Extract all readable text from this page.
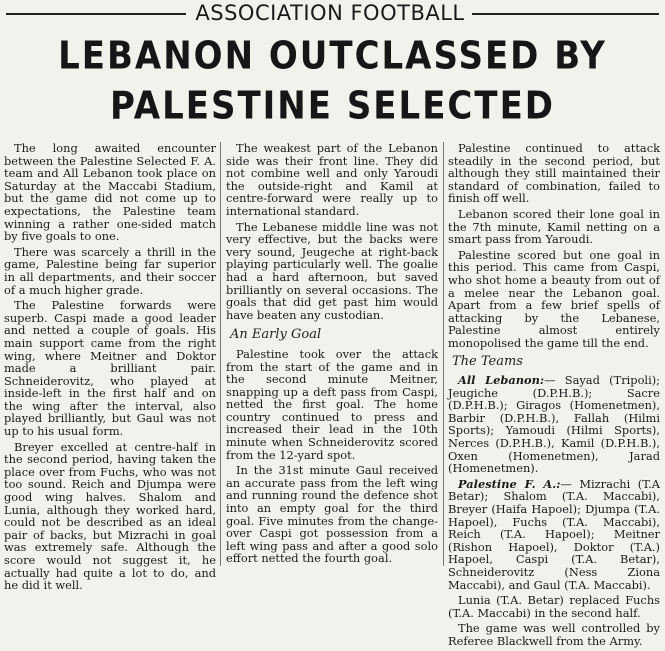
ASSOCIATION FOOTBALL
LEBANON OUTCLASSED BY
PALESTINE SELECTED

The long awaited encounter between the Palestine Selected F. A. team and All Lebanon took place on Saturday at the Maccabi Stadium, but the game did not come up to expectations, the Palestine team winning a rather one-sided match by five goals to one.

There was scarcely a thrill in the game, Palestine being far superior in all departments, and their soccer of a much higher grade.

The Palestine forwards were superb. Caspi made a good leader and netted a couple of goals. His main support came from the right wing, where Meitner and Doktor made a brilliant pair. Schneiderovitz, who played at inside-left in the first half and on the wing after the interval, also played brilliantly, but Gaul was not up to his usual form.

Breyer excelled at centre-half in the second period, having taken the place over from Fuchs, who was not too sound. Reich and Djumpa were good wing halves. Shalom and Lunia, although they worked hard, could not be described as an ideal pair of backs, but Mizrachi in goal was extremely safe. Although the score would not suggest it, he actually had quite a lot to do, and he did it well.

The weakest part of the Lebanon side was their front line. They did not combine well and only Yaroudi the outside-right and Kamil at centre-forward were really up to international standard.

The Lebanese middle line was not very effective, but the backs were very sound, Jeugeche at right-back playing particularly well. The goalie had a hard afternoon, but saved brilliantly on several occasions. The goals that did get past him would have beaten any custodian.

An Early Goal

Palestine took over the attack from the start of the game and in the second minute Meitner, snapping up a deft pass from Caspi, netted the first goal. The home country continued to press and increased their lead in the 10th minute when Schneiderovitz scored from the 12-yard spot.

In the 31st minute Gaul received an accurate pass from the left wing and running round the defence shot into an empty goal for the third goal. Five minutes from the change-over Caspi got possession from a left wing pass and after a good solo effort netted the fourth goal.

Palestine continued to attack steadily in the second period, but although they still maintained their standard of combination, failed to finish off well.

Lebanon scored their lone goal in the 7th minute, Kamil netting on a smart pass from Yaroudi.

Palestine scored but one goal in this period. This came from Caspi, who shot home a beauty from out of a melee near the Lebanon goal. Apart from a few brief spells of attacking by the Lebanese, Palestine almost entirely monopolised the game till the end.

The Teams

All Lebanon:— Sayad (Tripoli); Jeugiche (D.P.H.B.); Sacre (D.P.H.B.); Giragos (Homenetmen), Barbir (D.P.H.B.), Fallah (Hilmi Sports); Yamoudi (Hilmi Sports), Nerces (D.P.H.B.), Kamil (D.P.H.B.), Oxen (Homenetmen), Jarad (Homenetmen).

Palestine F. A.:— Mizrachi (T.A Betar); Shalom (T.A. Maccabi), Breyer (Haifa Hapoel); Djumpa (T.A. Hapoel), Fuchs (T.A. Maccabi), Reich (T.A. Hapoel); Meitner (Rishon Hapoel), Doktor (T.A.) Hapoel, Caspi (T.A. Betar), Schneiderovitz (Ness Ziona Maccabi), and Gaul (T.A. Maccabi).

Lunia (T.A. Betar) replaced Fuchs (T.A. Maccabi) in the second half.

The game was well controlled by Referee Blackwell from the Army.
